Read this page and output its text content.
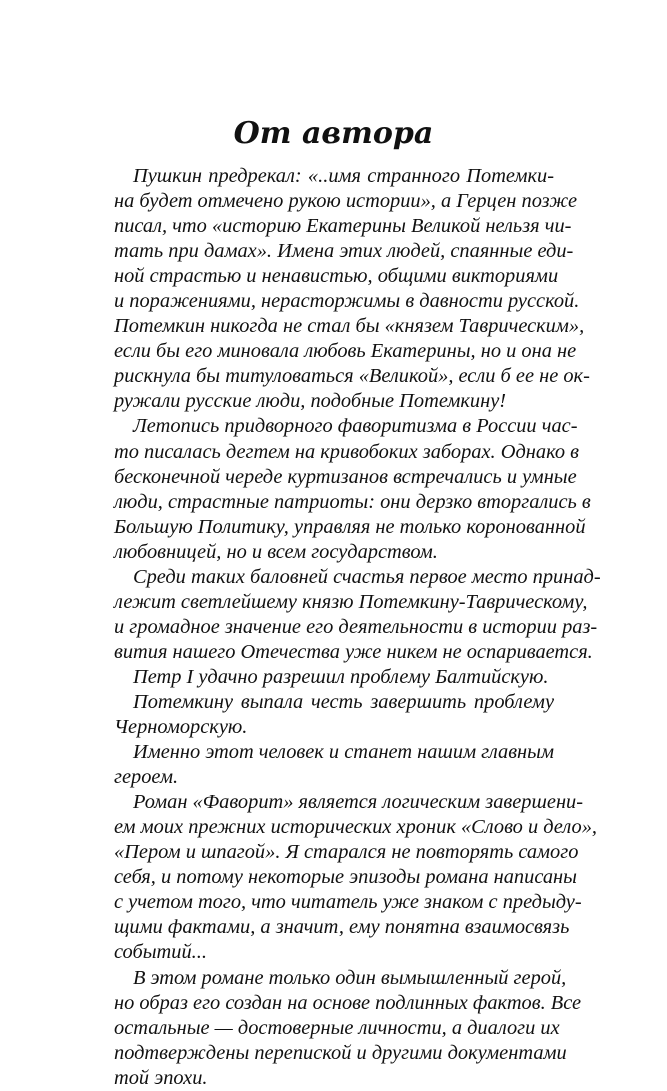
От автора

Пушкин предрекал: «..имя странного Потемки-
на будет отмечено рукою истории», а Герцен позже
писал, что «историю Екатерины Великой нельзя чи-
тать при дамах». Имена этих людей, спаянные еди-
ной страстью и ненавистью, общими викториями
и поражениями, нерасторжимы в давности русской.
Потемкин никогда не стал бы «князем Таврическим»,
если бы его миновала любовь Екатерины, но и она не
рискнула бы титуловаться «Великой», если б ее не ок-
ружали русские люди, подобные Потемкину!

Летопись придворного фаворитизма в России час-
то писалась дегтем на кривобоких заборах. Однако в
бесконечной череде куртизанов встречались и умные
люди, страстные патриоты: они дерзко вторгались в
Большую Политику, управляя не только коронованной
любовницей, но и всем государством.

Среди таких баловней счастья первое место принад-
лежит светлейшему князю Потемкину-Таврическому,
и громадное значение его деятельности в истории раз-
вития нашего Отечества уже никем не оспаривается.

Петр I удачно разрешил проблему Балтийскую.

Потемкину выпала честь завершить проблему
Черноморскую.

Именно этот человек и станет нашим главным
героем.

Роман «Фаворит» является логическим завершени-
ем моих прежних исторических хроник «Слово и дело»,
«Пером и шпагой». Я старался не повторять самого
себя, и потому некоторые эпизоды романа написаны
с учетом того, что читатель уже знаком с предыду-
щими фактами, а значит, ему понятна взаимосвязь
событий...

В этом романе только один вымышленный герой,
но образ его создан на основе подлинных фактов. Все
остальные — достоверные личности, а диалоги их
подтверждены перепиской и другими документами
той эпохи.
